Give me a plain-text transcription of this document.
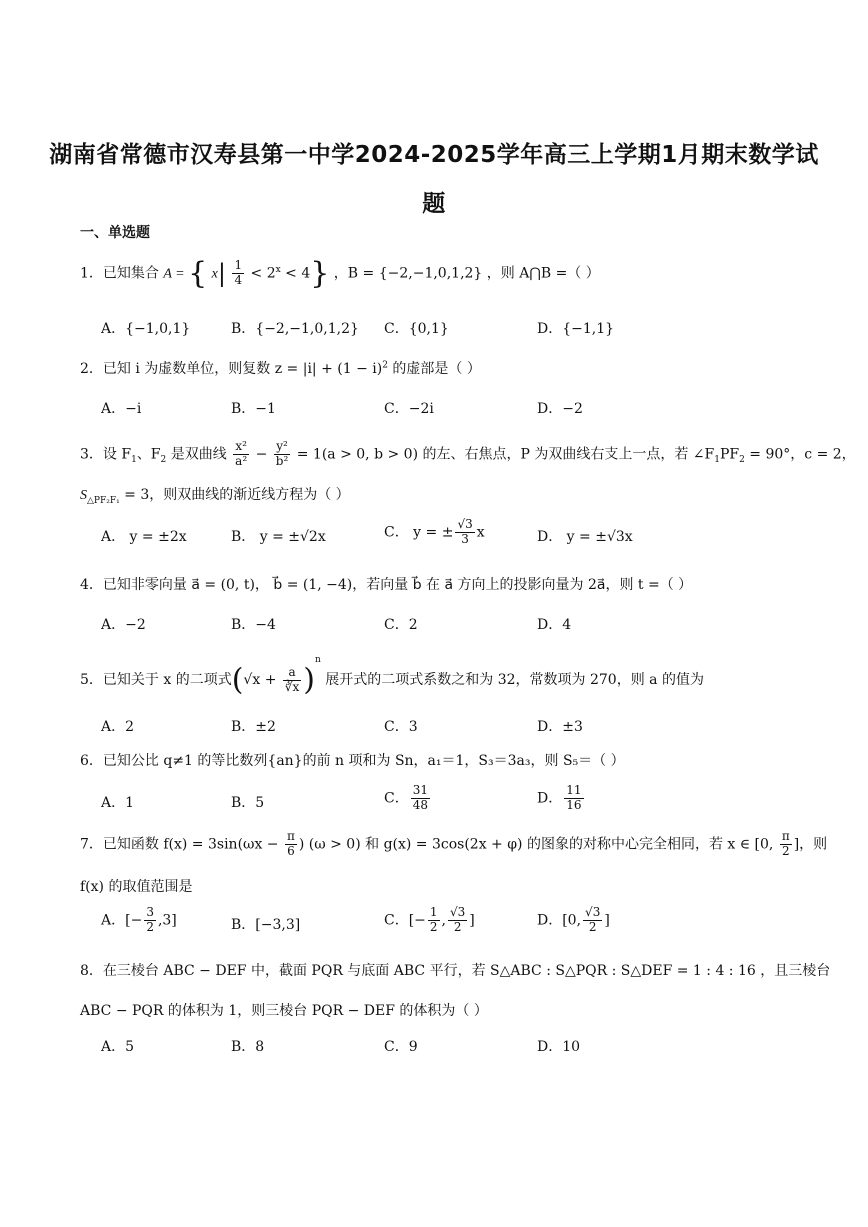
湖南省常德市汉寿县第一中学2024-2025学年高三上学期1月期末数学试
题
一、单选题
1．已知集合 A = { $x| \frac{1}{4} < 2^x < 4$} ，B = {−2,−1,0,1,2} ，则 A⋂B =（ ）
A．{−1,0,1}	B．{−2,−1,0,1,2} C．{0,1}	D．{−1,1}
2．已知 i 为虚数单位，则复数 $z = |i| + (1 - i)^2$ 的虚部是（ ）
A．−i	B．−1	C．−2i	D．−2
3．设 $F_1$、$F_2$ 是双曲线 $\frac{\text{x²}}{\text{a²}} - \frac{\text{y²}}{\text{b²}} = 1(a > 0$, b > 0) 的左、右焦点，P 为双曲线右支上一点，若 $\angle F_1PF_2 = 90^\circ$，c = 2，
$S_{\triangle PF_2F_1} = 3$，则双曲线的渐近线方程为（ ）
A． y = ±2x	B． y = ±√2x	C． y = ± $\frac{√3}{3}$ x	D． y = ±√3x
4．已知非零向量 a⃗ = (0, t)， b⃗ = (1, −4)，若向量 b⃗ 在 a⃗ 方向上的投影向量为 2a⃗，则 t =（ ）
A．−2	B．−4	C．2	D．4
5．已知关于 x 的二项式$(√x + \frac{a}{∛x} )^n$ 展开式的二项式系数之和为 32，常数项为 270，则 a 的值为
A．2	B．±2	C．3	D．±3
6．已知公比 q≠1 的等比数列{an}的前 n 项和为 Sn，a₁＝1，S₃＝3a₃，则 S₅＝（ ）
A．1	B．5	C． $\frac{31}{48}$	D． $\frac{11}{16}$
7．已知函数 $f(x) = 3\sin(\omega x - \frac{\pi}{6}$ ) (ω > 0) 和 g(x) = 3cos(2x + φ) 的图象的对称中心完全相同，若 x ∈ [0, $\frac{\pi}{2}$ ]，则
f(x) 的取值范围是
A．[− $\frac{3}{2} ,3$]	B．[−3,3]	C．[− $\frac{1}{2}$ , $\frac{√3}{2}$ ]	D．[0, $\frac{√3}{2}$ ]
8．在三棱台 ABC − DEF 中，截面 PQR 与底面 ABC 平行，若 S△ABC : S△PQR : S△DEF = 1 : 4 : 16 ，且三棱台
ABC − PQR 的体积为 1，则三棱台 PQR − DEF 的体积为（ ）
A．5	B．8	C．9	D．10
